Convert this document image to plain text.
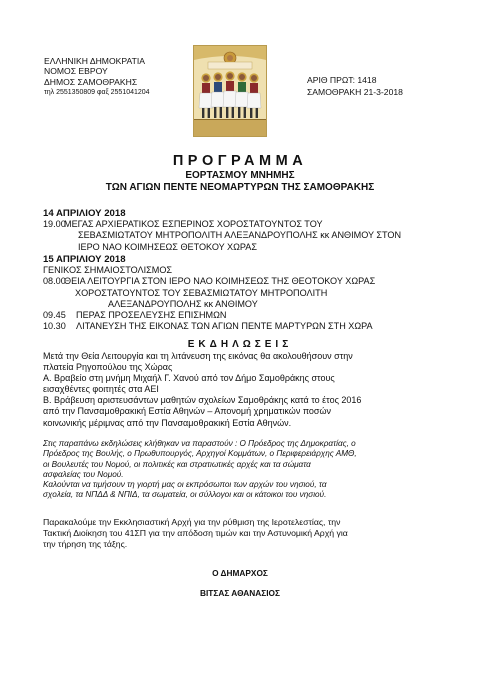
ΕΛΛΗΝΙΚΗ ΔΗΜΟΚΡΑΤΙΑ
ΝΟΜΟΣ ΕΒΡΟΥ
ΔΗΜΟΣ ΣΑΜΟΘΡΑΚΗΣ
τηλ 2551350809 φαξ 2551041204
ΑΡΙΘ ΠΡΩΤ: 1418
ΣΑΜΟΘΡΑΚΗ 21-3-2018
ΠΡΟΓΡΑΜΜΑ
ΕΟΡΤΑΣΜΟΥ ΜΝΗΜΗΣ
ΤΩΝ ΑΓΙΩΝ ΠΕΝΤΕ ΝΕΟΜΑΡΤΥΡΩΝ ΤΗΣ ΣΑΜΟΘΡΑΚΗΣ
14 ΑΠΡΙΛΙΟΥ 2018
19.00
ΜΕΓΑΣ ΑΡΧΙΕΡΑΤΙΚΟΣ ΕΣΠΕΡΙΝΟΣ ΧΟΡΟΣΤΑΤΟΥΝΤΟΣ ΤΟΥ
ΣΕΒΑΣΜΙΩΤΑΤΟΥ ΜΗΤΡΟΠΟΛΙΤΗ ΑΛΕΞΑΝΔΡΟΥΠΟΛΗΣ κκ ΑΝΘΙΜΟΥ ΣΤΟΝ
ΙΕΡΟ ΝΑΟ ΚΟΙΜΗΣΕΩΣ ΘΕΤΟΚΟΥ ΧΩΡΑΣ
15 ΑΠΡΙΛΙΟΥ 2018
ΓΕΝΙΚΟΣ ΣΗΜΑΙΟΣΤΟΛΙΣΜΟΣ
08.00
ΘΕΙΑ ΛΕΙΤΟΥΡΓΙΑ ΣΤΟΝ ΙΕΡΟ ΝΑΟ ΚΟΙΜΗΣΕΩΣ ΤΗΣ ΘΕΟΤΟΚΟΥ ΧΩΡΑΣ
ΧΟΡΟΣΤΑΤΟΥΝΤΟΣ ΤΟΥ ΣΕΒΑΣΜΙΩΤΑΤΟΥ ΜΗΤΡΟΠΟΛΙΤΗ
ΑΛΕΞΑΝΔΡΟΥΠΟΛΗΣ κκ ΑΝΘΙΜΟΥ
09.45	ΠΕΡΑΣ ΠΡΟΣΕΛΕΥΣΗΣ ΕΠΙΣΗΜΩΝ
10.30	ΛΙΤΑΝΕΥΣΗ ΤΗΣ ΕΙΚΟΝΑΣ ΤΩΝ ΑΓΙΩΝ ΠΕΝΤΕ ΜΑΡΤΥΡΩΝ ΣΤΗ ΧΩΡΑ
ΕΚΔΗΛΩΣΕΙΣ
Μετά την Θεία Λειτουργία και τη λιτάνευση της εικόνας θα ακολουθήσουν στην
πλατεία Ρηγοπούλου της Χώρας
Α. Βραβείο στη μνήμη Μιχαήλ Γ. Χανού από τον Δήμο Σαμοθράκης στους
εισαχθέντες φοιτητές στα ΑΕΙ
Β. Βράβευση αριστευσάντων μαθητών σχολείων Σαμοθράκης κατά το έτος 2016
από την Πανσαμοθρακική Εστία Αθηνών – Απονομή χρηματικών ποσών
κοινωνικής μέριμνας από την Πανσαμοθρακική Εστία Αθηνών.
Στις παραπάνω εκδηλώσεις κλήθηκαν να παραστούν : Ο Πρόεδρος της Δημοκρατίας, ο
Πρόεδρος της Βουλής, ο Πρωθυπουργός, Αρχηγοί Κομμάτων, ο Περιφερειάρχης ΑΜΘ,
οι Βουλευτές του Νομού, οι πολιτικές και στρατιωτικές αρχές και τα σώματα
ασφαλείας του Νομού.
Καλούνται να τιμήσουν τη γιορτή μας οι εκπρόσωποι των αρχών του νησιού, τα
σχολεία, τα ΝΠΔΔ & ΝΠΙΔ, τα σωματεία, οι σύλλογοι και οι κάτοικοι του νησιού.
Παρακαλούμε την Εκκλησιαστική Αρχή για την ρύθμιση της Ιεροτελεστίας, την
Τακτική Διοίκηση του 41ΣΠ για την απόδοση τιμών και την Αστυνομική Αρχή για
την τήρηση της τάξης.
Ο ΔΗΜΑΡΧΟΣ
ΒΙΤΣΑΣ ΑΘΑΝΑΣΙΟΣ
